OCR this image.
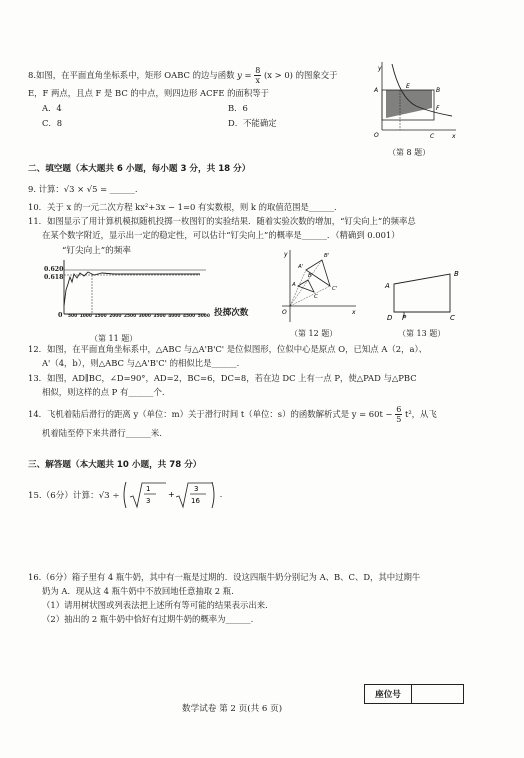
8.如图，在平面直角坐标系中，矩形 OABC 的边与函数 $y = \frac{8}{x} (x > 0)$ 的图象交于
E，F 两点，且点 F 是 BC 的中点，则四边形 ACFE 的面积等于
A．4	B．6
C．8	D．不能确定
y
A
E
B
F
O	C	x
（第 8 题）
二、填空题（本大题共 6 小题，每小题 3 分，共 18 分）
9. 计算：√3 × √5 = ______.
10．关于 x 的一元二次方程 kx²+3x − 1=0 有实数根，则 k 的取值范围是______.
11．如图显示了用计算机模拟随机投掷一枚图钉的实验结果．随着实验次数的增加，“钉尖向上”的频率总
在某个数字附近，显示出一定的稳定性，可以估计“钉尖向上”的概率是______．（精确到 0.001）
“钉尖向上”的频率
0.620
0.618
0 500 1000 1500 2000 2500 3000 3500 4000 4500 5000 投掷次数
（第 11 题）
y
x
O
A
B
C
A'
B'
C'
（第 12 题）
A
B
D P	C
（第 13 题）
12．如图，在平面直角坐标系中，△ABC 与△A'B'C' 是位似图形，位似中心是原点 O，已知点 A（2，a）、
A'（4，b），则△ABC 与△A'B'C' 的相似比是______.
13．如图，AD∥BC，∠D=90°，AD=2，BC=6，DC=8，若在边 DC 上有一点 P，使△PAD 与△PBC
相似，则这样的点 P 有______个.
14．飞机着陆后滑行的距离 y（单位：m）关于滑行时间 t（单位：s）的函数解析式是 $y = 60t - \frac{6}{5} t^2$，从飞
机着陆至停下来共滑行______米.
三、解答题（本大题共 10 小题，共 78 分）
15.（6分）计算：√3 ÷
1
3
+
3
16
.
16.（6分）箱子里有 4 瓶牛奶，其中有一瓶是过期的．设这四瓶牛奶分别记为 A、B、C、D，其中过期牛
奶为 A．现从这 4 瓶牛奶中不放回地任意抽取 2 瓶.
（1）请用树状图或列表法把上述所有等可能的结果表示出来.
（2）抽出的 2 瓶牛奶中恰好有过期牛奶的概率为______.
座位号
数学试卷 第 2 页(共 6 页)
